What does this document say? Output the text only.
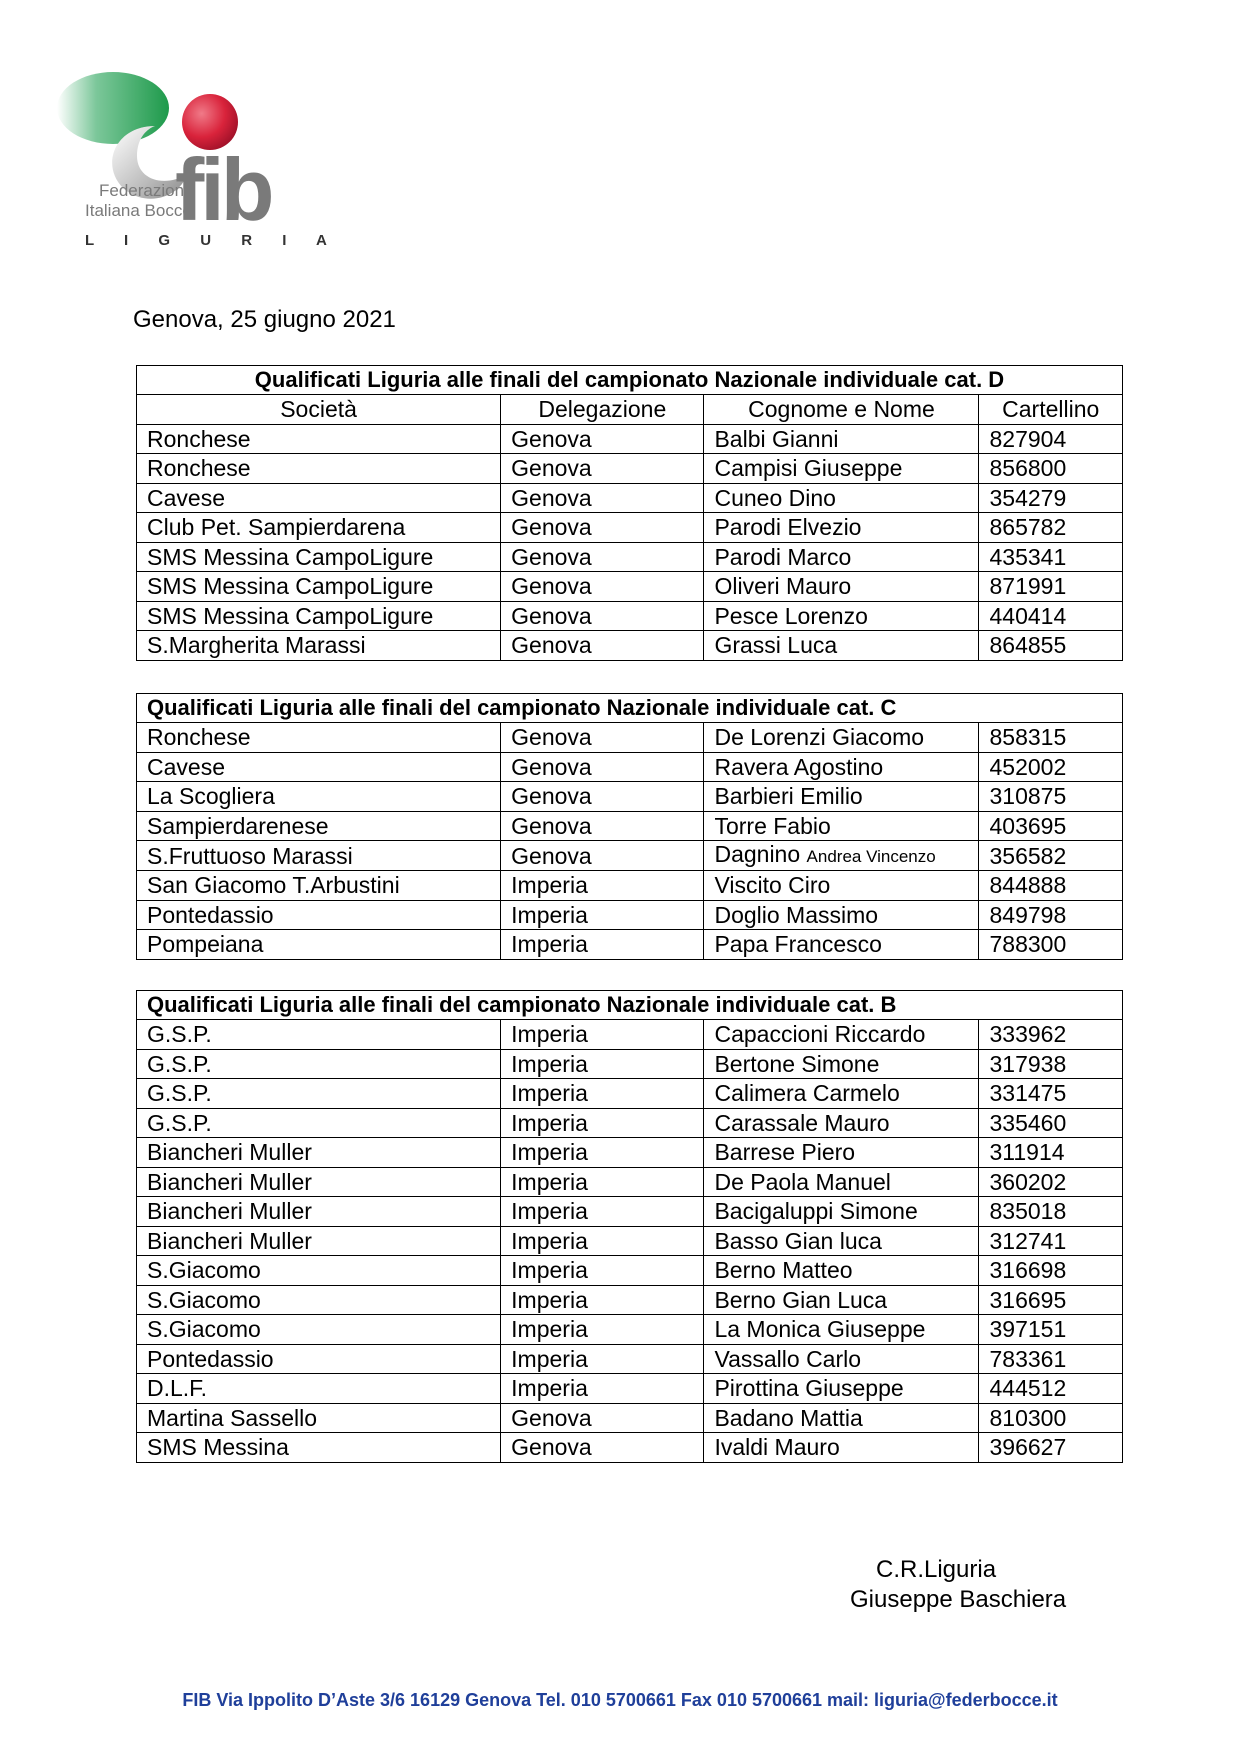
fib
Federazione
Italiana Bocce
L I G U R I A
Genova, 25 giugno 2021
Qualificati Liguria alle finali del campionato Nazionale individuale cat. D			
Società	Delegazione	Cognome e Nome	Cartellino
Ronchese	Genova	Balbi Gianni	827904
Ronchese	Genova	Campisi Giuseppe	856800
Cavese	Genova	Cuneo Dino	354279
Club Pet. Sampierdarena	Genova	Parodi Elvezio	865782
SMS Messina CampoLigure	Genova	Parodi Marco	435341
SMS Messina CampoLigure	Genova	Oliveri Mauro	871991
SMS Messina CampoLigure	Genova	Pesce Lorenzo	440414
S.Margherita Marassi	Genova	Grassi Luca	864855
Qualificati Liguria alle finali del campionato Nazionale individuale cat. C			
Ronchese	Genova	De Lorenzi Giacomo	858315
Cavese	Genova	Ravera Agostino	452002
La Scogliera	Genova	Barbieri Emilio	310875
Sampierdarenese	Genova	Torre Fabio	403695
S.Fruttuoso Marassi	Genova	Dagnino Andrea Vincenzo	356582
San Giacomo T.Arbustini	Imperia	Viscito Ciro	844888
Pontedassio	Imperia	Doglio Massimo	849798
Pompeiana	Imperia	Papa Francesco	788300
Qualificati Liguria alle finali del campionato Nazionale individuale cat. B			
G.S.P.	Imperia	Capaccioni Riccardo	333962
G.S.P.	Imperia	Bertone Simone	317938
G.S.P.	Imperia	Calimera Carmelo	331475
G.S.P.	Imperia	Carassale Mauro	335460
Biancheri Muller	Imperia	Barrese Piero	311914
Biancheri Muller	Imperia	De Paola Manuel	360202
Biancheri Muller	Imperia	Bacigaluppi Simone	835018
Biancheri Muller	Imperia	Basso Gian luca	312741
S.Giacomo	Imperia	Berno Matteo	316698
S.Giacomo	Imperia	Berno Gian Luca	316695
S.Giacomo	Imperia	La Monica Giuseppe	397151
Pontedassio	Imperia	Vassallo Carlo	783361
D.L.F.	Imperia	Pirottina Giuseppe	444512
Martina Sassello	Genova	Badano Mattia	810300
SMS Messina	Genova	Ivaldi Mauro	396627
C.R.Liguria
Giuseppe Baschiera
FIB Via Ippolito D’Aste 3/6 16129 Genova Tel. 010 5700661 Fax 010 5700661 mail: liguria@federbocce.it
